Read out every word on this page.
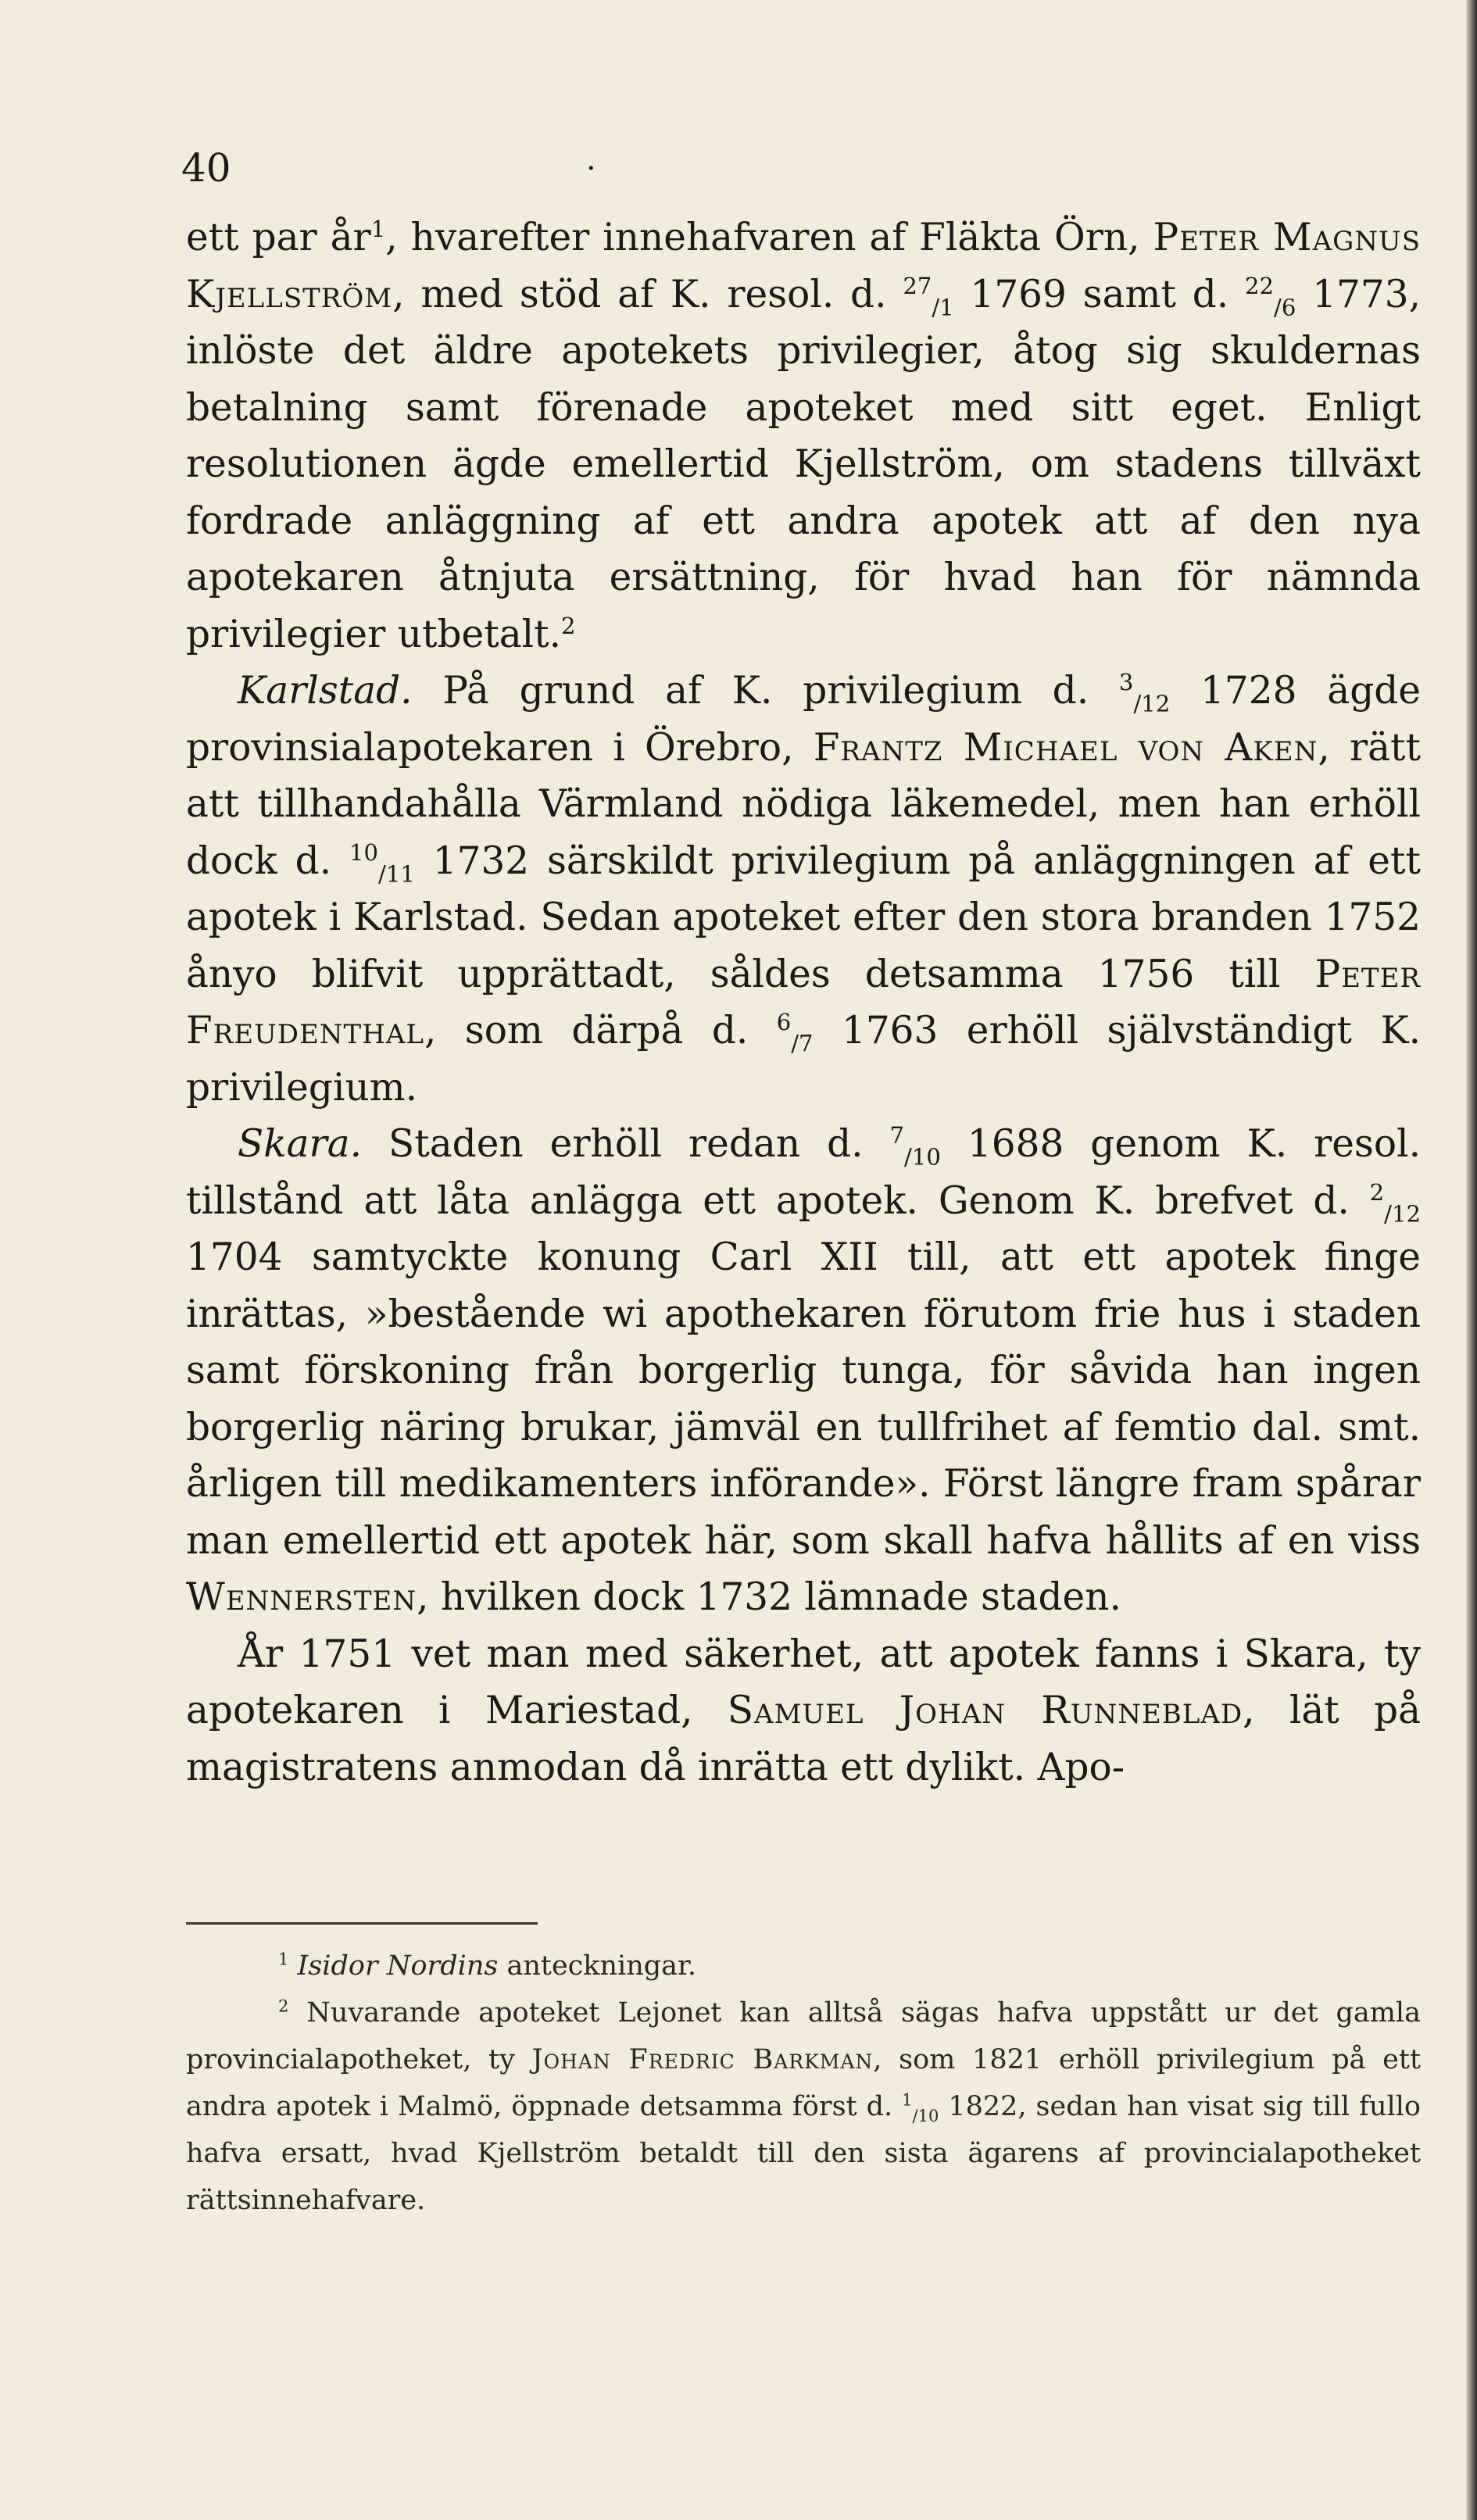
40	·

ett par $år^1$, hvarefter innehafvaren af Fläkta Örn, Peter Magnus Kjellström, med stöd af K. resol. d. $^{27}_{/1}$ 1769 samt d. $^{22}_{/6}$ 1773, inlöste det äldre apotekets privilegier, åtog sig skuldernas betalning samt förenade apoteket med sitt eget. Enligt resolutionen ägde emellertid Kjellström, om stadens tillväxt fordrade anläggning af ett andra apotek att af den nya apotekaren åtnjuta ersättning, för hvad han för nämnda privilegier utbetalt.$^2$

Karlstad. På grund af K. privilegium d. $^3_{/12}$ 1728 ägde provinsialapotekaren i Örebro, Frantz Michael von Aken, rätt att tillhandahålla Värmland nödiga läkemedel, men han erhöll dock d. $^{10}_{/11}$ 1732 särskildt privilegium på anläggningen af ett apotek i Karlstad. Sedan apoteket efter den stora branden 1752 ånyo blifvit upprättadt, såldes detsamma 1756 till Peter Freudenthal, som därpå d. $^6_{/7}$ 1763 erhöll självständigt K. privilegium.

Skara. Staden erhöll redan d. $^7_{/10}$ 1688 genom K. resol. tillstånd att låta anlägga ett apotek. Genom K. brefvet d. $^2_{/12}$ 1704 samtyckte konung Carl XII till, att ett apotek finge inrättas, »bestående wi apothekaren förutom frie hus i staden samt förskoning från borgerlig tunga, för såvida han ingen borgerlig näring brukar, jämväl en tullfrihet af femtio dal. smt. årligen till medikamenters införande». Först längre fram spårar man emellertid ett apotek här, som skall hafva hållits af en viss Wennersten, hvilken dock 1732 lämnade staden.

År 1751 vet man med säkerhet, att apotek fanns i Skara, ty apotekaren i Mariestad, Samuel Johan Runneblad, lät på magistratens anmodan då inrätta ett dylikt. Apo-

$^1$ Isidor Nordins anteckningar.

$^2$ Nuvarande apoteket Lejonet kan alltså sägas hafva uppstått ur det gamla provincialapotheket, ty Johan Fredric Barkman, som 1821 erhöll privilegium på ett andra apotek i Malmö, öppnade detsamma först d. $^1_{/10}$ 1822, sedan han visat sig till fullo hafva ersatt, hvad Kjellström betaldt till den sista ägarens af provincialapotheket rättsinnehafvare.
